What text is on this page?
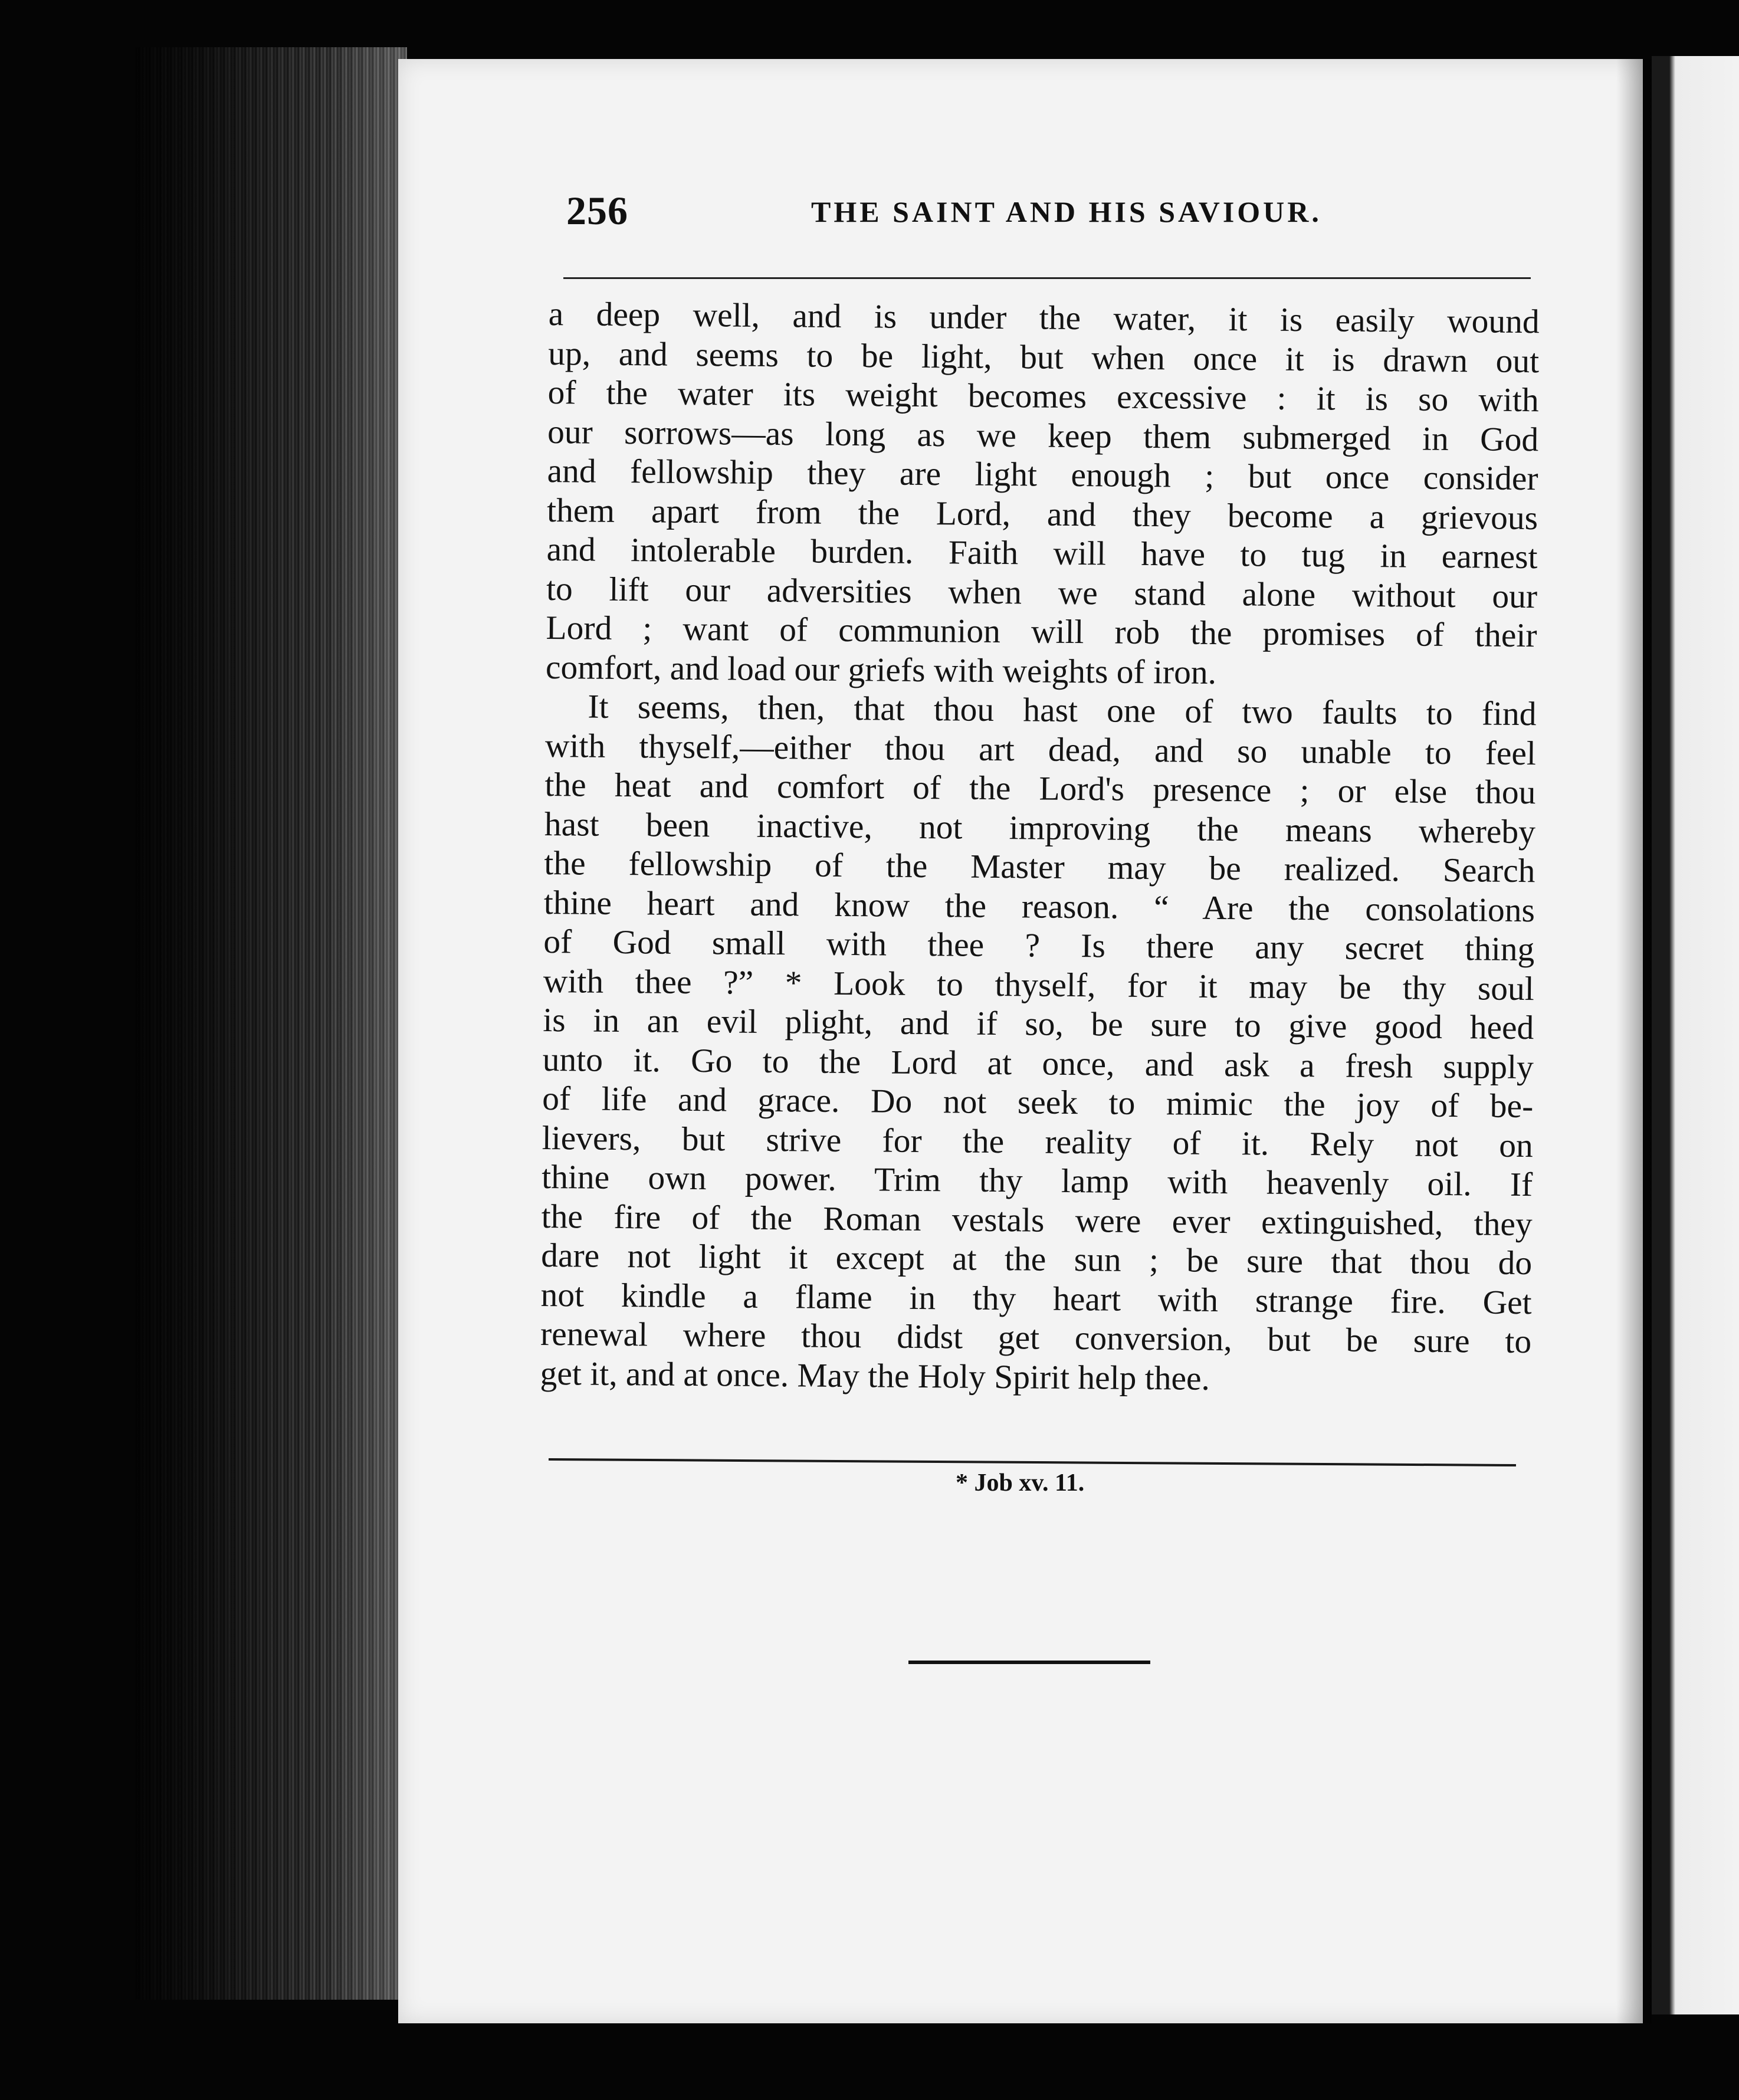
256	THE SAINT AND HIS SAVIOUR.
a deep well, and is under the water, it is easily wound
up, and seems to be light, but when once it is drawn out
of the water its weight becomes excessive : it is so with
our sorrows—as long as we keep them submerged in God
and fellowship they are light enough ; but once consider
them apart from the Lord, and they become a grievous
and intolerable burden. Faith will have to tug in earnest
to lift our adversities when we stand alone without our
Lord ; want of communion will rob the promises of their
comfort, and load our griefs with weights of iron.
It seems, then, that thou hast one of two faults to find
with thyself,—either thou art dead, and so unable to feel
the heat and comfort of the Lord's presence ; or else thou
hast been inactive, not improving the means whereby
the fellowship of the Master may be realized. Search
thine heart and know the reason. “ Are the consolations
of God small with thee ? Is there any secret thing
with thee ?” * Look to thyself, for it may be thy soul
is in an evil plight, and if so, be sure to give good heed
unto it. Go to the Lord at once, and ask a fresh supply
of life and grace. Do not seek to mimic the joy of be-
lievers, but strive for the reality of it. Rely not on
thine own power. Trim thy lamp with heavenly oil. If
the fire of the Roman vestals were ever extinguished, they
dare not light it except at the sun ; be sure that thou do
not kindle a flame in thy heart with strange fire. Get
renewal where thou didst get conversion, but be sure to
get it, and at once. May the Holy Spirit help thee.
* Job xv. 11.
